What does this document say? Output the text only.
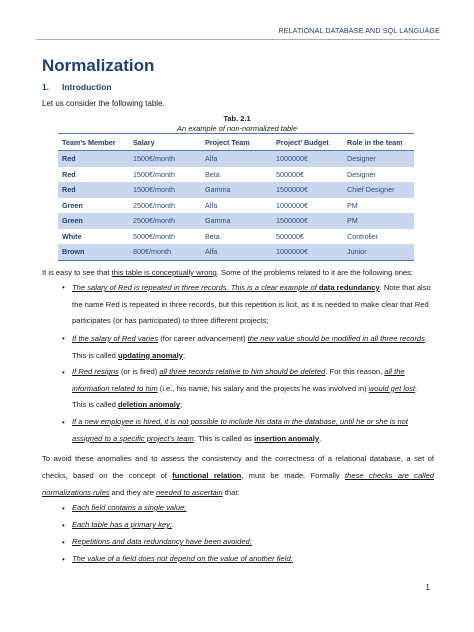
RELATIONAL DATABASE AND SQL LANGUAGE
Normalization
1. Introduction
Let us consider the following table.
Tab. 2.1
An example of non-normalized table
Team’s Member	Salary	Project Team	Project’ Budget	Role in the team
Red	1500€/month	Alfa	1000000€	Designer
Red	1500€/month	Beta	500000€	Designer
Red	1500€/month	Gamma	1500000€	Chief Designer
Green	2500€/month	Alfa	1000000€	PM
Green	2500€/month	Gamma	1500000€	PM
White	5000€/month	Beta	500000€	Controller
Brown	800€/month	Alfa	1000000€	Junior
It is easy to see that this table is conceptually wrong. Some of the problems related to it are the following ones:
• The salary of Red is repeated in three records. This is a clear example of data redundancy. Note that also the name Red is repeated in three records, but this repetition is licit, as it is needed to make clear that Red participates (or has participated) to three different projects;
• If the salary of Red varies (for career advancement) the new value should be modified in all three records. This is called updating anomaly;
• If Red resigns (or is fired) all three records relative to him should be deleted. For this reason, all the information related to him (i.e., his name, his salary and the projects he was involved in) would get lost. This is called deletion anomaly;
• If a new employee is hired, it is not possible to include his data in the database, until he or she is not assigned to a specific project’s team. This is called as insertion anomaly.
To avoid these anomalies and to assess the consistency and the correctness of a relational database, a set of checks, based on the concept of functional relation, must be made. Formally these checks are called normalizations rules and they are needed to ascertain that:
• Each field contains a single value;
• Each table has a primary key;
• Repetitions and data redundancy have been avoided;
• The value of a field does not depend on the value of another field.
1
